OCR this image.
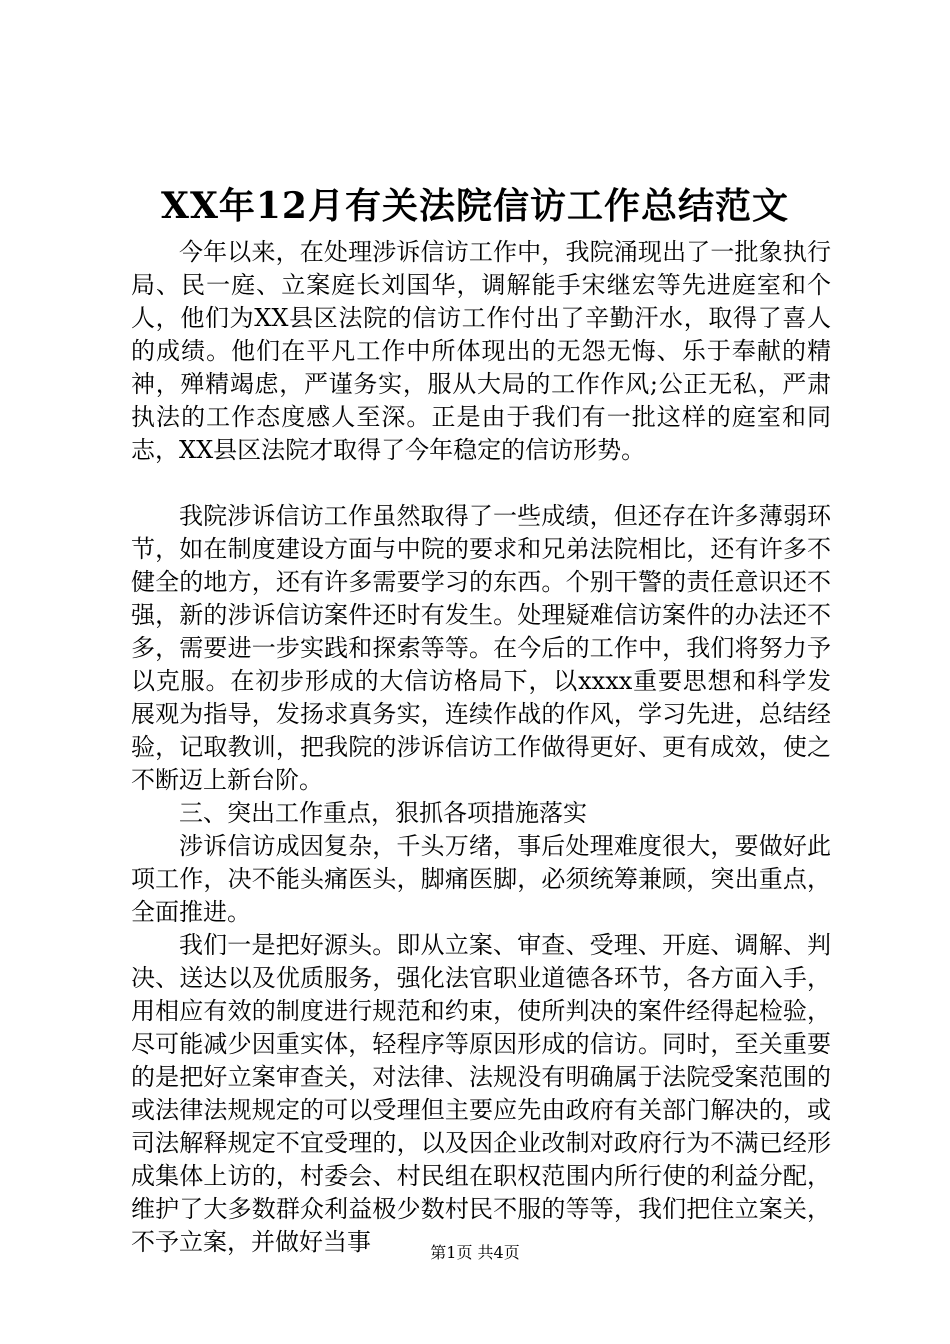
XX年12月有关法院信访工作总结范文

今年以来，在处理涉诉信访工作中，我院涌现出了一批象执行局、民一庭、立案庭长刘国华，调解能手宋继宏等先进庭室和个人，他们为XX县区法院的信访工作付出了辛勤汗水，取得了喜人的成绩。他们在平凡工作中所体现出的无怨无悔、乐于奉献的精神，殚精竭虑，严谨务实，服从大局的工作作风;公正无私，严肃执法的工作态度感人至深。正是由于我们有一批这样的庭室和同志，XX县区法院才取得了今年稳定的信访形势。

我院涉诉信访工作虽然取得了一些成绩，但还存在许多薄弱环节，如在制度建设方面与中院的要求和兄弟法院相比，还有许多不健全的地方，还有许多需要学习的东西。个别干警的责任意识还不强，新的涉诉信访案件还时有发生。处理疑难信访案件的办法还不多，需要进一步实践和探索等等。在今后的工作中，我们将努力予以克服。在初步形成的大信访格局下，以xxxx重要思想和科学发展观为指导，发扬求真务实，连续作战的作风，学习先进，总结经验，记取教训，把我院的涉诉信访工作做得更好、更有成效，使之不断迈上新台阶。

三、突出工作重点，狠抓各项措施落实

涉诉信访成因复杂，千头万绪，事后处理难度很大，要做好此项工作，决不能头痛医头，脚痛医脚，必须统筹兼顾，突出重点，全面推进。

我们一是把好源头。即从立案、审查、受理、开庭、调解、判决、送达以及优质服务，强化法官职业道德各环节，各方面入手，用相应有效的制度进行规范和约束，使所判决的案件经得起检验，尽可能减少因重实体，轻程序等原因形成的信访。同时，至关重要的是把好立案审查关，对法律、法规没有明确属于法院受案范围的或法律法规规定的可以受理但主要应先由政府有关部门解决的，或司法解释规定不宜受理的，以及因企业改制对政府行为不满已经形成集体上访的，村委会、村民组在职权范围内所行使的利益分配，维护了大多数群众利益极少数村民不服的等等，我们把住立案关，不予立案，并做好当事	第1页 共4页
